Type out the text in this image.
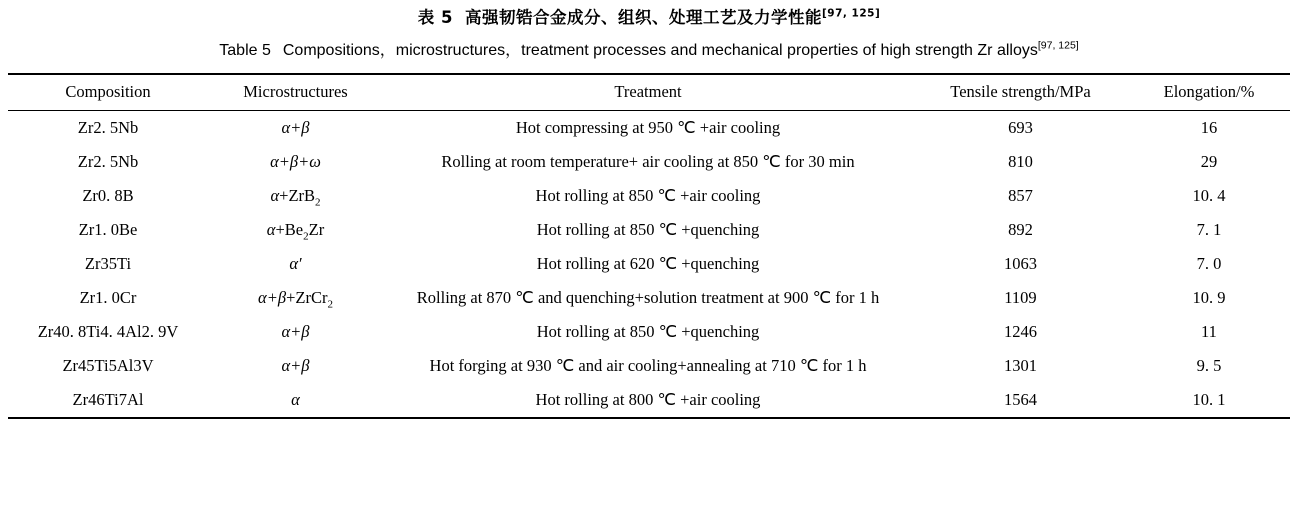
表 5 高强韧锆合金成分、组织、处理工艺及力学性能[97, 125]
Table 5 Compositions，microstructures，treatment processes and mechanical properties of high strength Zr alloys[97, 125]
Composition	Microstructures	Treatment	Tensile strength/MPa	Elongation/%
Zr2. 5Nb	α+β	Hot compressing at 950 ℃ +air cooling	693	16
Zr2. 5Nb	α+β+ω	Rolling at room temperature+ air cooling at 850 ℃ for 30 min	810	29
Zr0. 8B	α+ZrB$_2$	Hot rolling at 850 ℃ +air cooling	857	10. 4
Zr1. 0Be	$\alpha+Be_2Zr$	Hot rolling at 850 ℃ +quenching	892	7. 1
Zr35Ti	α′	Hot rolling at 620 ℃ +quenching	1063	7. 0
Zr1. 0Cr	α+β+ZrCr$_2$	Rolling at 870 ℃ and quenching+solution treatment at 900 ℃ for 1 h	1109	10. 9
Zr40. 8Ti4. 4Al2. 9V	α+β	Hot rolling at 850 ℃ +quenching	1246	11
Zr45Ti5Al3V	α+β	Hot forging at 930 ℃ and air cooling+annealing at 710 ℃ for 1 h	1301	9. 5
Zr46Ti7Al	α	Hot rolling at 800 ℃ +air cooling	1564	10. 1
